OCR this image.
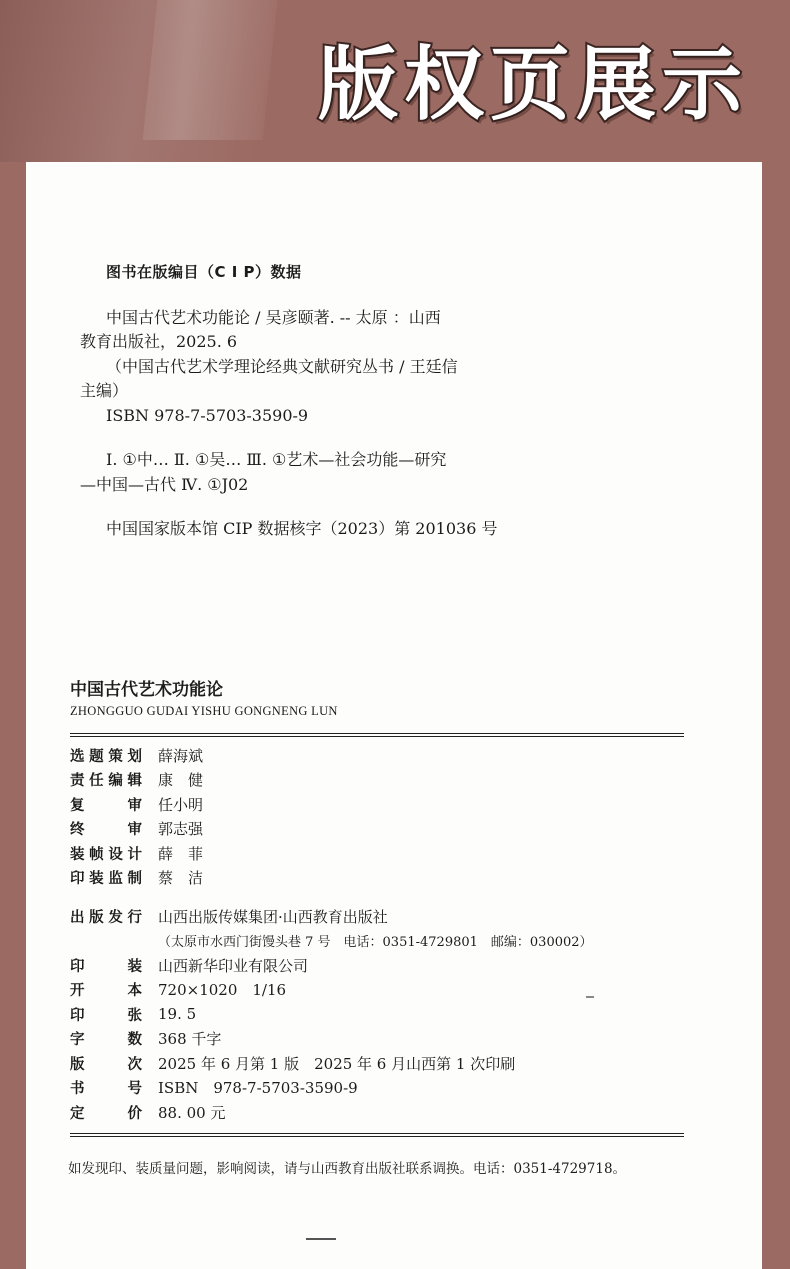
版权页展示
图书在版编目（C I P）数据
中国古代艺术功能论 / 吴彦颐著. -- 太原 ：山西
教育出版社，2025. 6
（中国古代艺术学理论经典文献研究丛书 / 王廷信
主编）
ISBN 978-7-5703-3590-9
Ⅰ. ①中… Ⅱ. ①吴… Ⅲ. ①艺术—社会功能—研究
—中国—古代 Ⅳ. ①J02
中国国家版本馆 CIP 数据核字（2023）第 201036 号
中国古代艺术功能论
ZHONGGUO GUDAI YISHU GONGNENG LUN
选 题 策 划 薛海斌
责 任 编 辑 康　健
复	审 任小明
终	审 郭志强
装 帧 设 计 薛　菲
印 装 监 制 蔡　洁
出 版 发 行 山西出版传媒集团·山西教育出版社
（太原市水西门街馒头巷 7 号　电话：0351-4729801　邮编：030002）
印	装 山西新华印业有限公司
开	本 720×1020　1/16
印	张 19. 5
字	数 368 千字
版	次 2025 年 6 月第 1 版　2025 年 6 月山西第 1 次印刷
书	号 ISBN　978-7-5703-3590-9
定	价 88. 00 元
如发现印、装质量问题，影响阅读，请与山西教育出版社联系调换。电话：0351-4729718。
